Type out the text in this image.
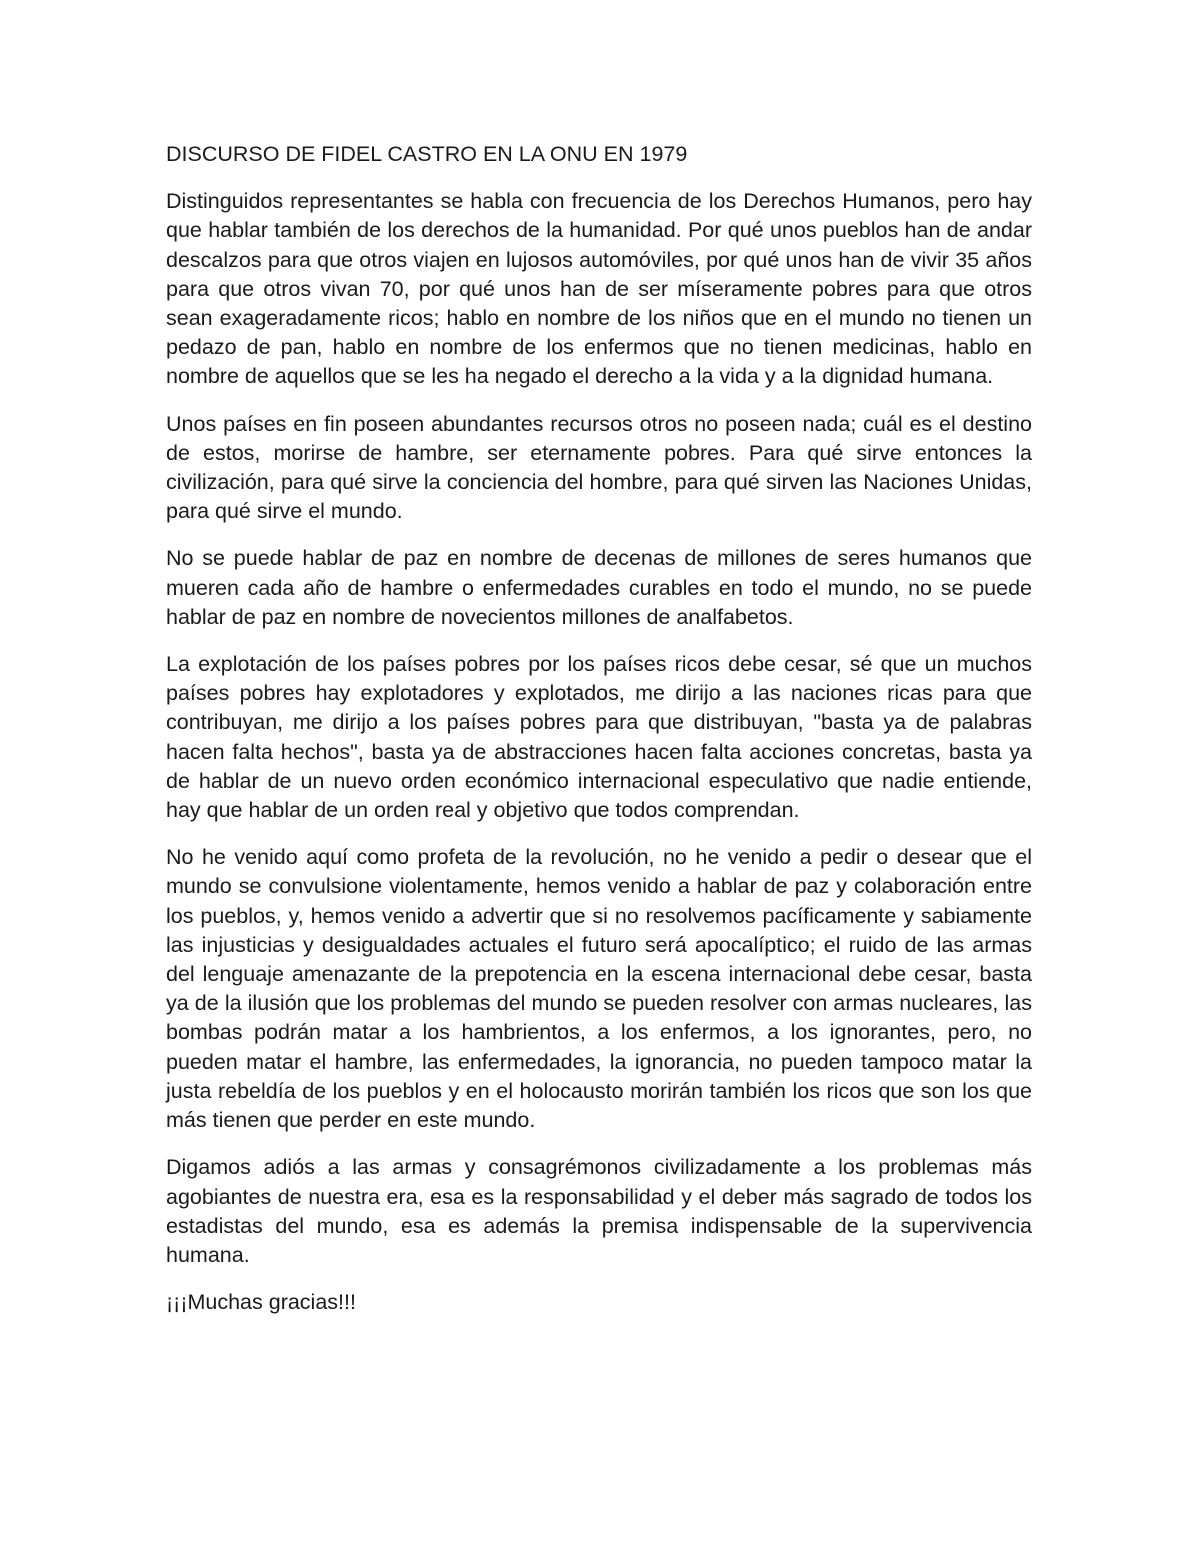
DISCURSO DE FIDEL CASTRO EN LA ONU EN 1979

Distinguidos representantes se habla con frecuencia de los Derechos Humanos, pero hay que hablar también de los derechos de la humanidad. Por qué unos pueblos han de andar descalzos para que otros viajen en lujosos automóviles, por qué unos han de vivir 35 años para que otros vivan 70, por qué unos han de ser míseramente pobres para que otros sean exageradamente ricos; hablo en nombre de los niños que en el mundo no tienen un pedazo de pan, hablo en nombre de los enfermos que no tienen medicinas, hablo en nombre de aquellos que se les ha negado el derecho a la vida y a la dignidad humana.

Unos países en fin poseen abundantes recursos otros no poseen nada; cuál es el destino de estos, morirse de hambre, ser eternamente pobres. Para qué sirve entonces la civilización, para qué sirve la conciencia del hombre, para qué sirven las Naciones Unidas, para qué sirve el mundo.

No se puede hablar de paz en nombre de decenas de millones de seres humanos que mueren cada año de hambre o enfermedades curables en todo el mundo, no se puede hablar de paz en nombre de novecientos millones de analfabetos.

La explotación de los países pobres por los países ricos debe cesar, sé que un muchos países pobres hay explotadores y explotados, me dirijo a las naciones ricas para que contribuyan, me dirijo a los países pobres para que distribuyan, "basta ya de palabras hacen falta hechos", basta ya de abstracciones hacen falta acciones concretas, basta ya de hablar de un nuevo orden económico internacional especulativo que nadie entiende, hay que hablar de un orden real y objetivo que todos comprendan.

No he venido aquí como profeta de la revolución, no he venido a pedir o desear que el mundo se convulsione violentamente, hemos venido a hablar de paz y colaboración entre los pueblos, y, hemos venido a advertir que si no resolvemos pacíficamente y sabiamente las injusticias y desigualdades actuales el futuro será apocalíptico; el ruido de las armas del lenguaje amenazante de la prepotencia en la escena internacional debe cesar, basta ya de la ilusión que los problemas del mundo se pueden resolver con armas nucleares, las bombas podrán matar a los hambrientos, a los enfermos, a los ignorantes, pero, no pueden matar el hambre, las enfermedades, la ignorancia, no pueden tampoco matar la justa rebeldía de los pueblos y en el holocausto morirán también los ricos que son los que más tienen que perder en este mundo.

Digamos adiós a las armas y consagrémonos civilizadamente a los problemas más agobiantes de nuestra era, esa es la responsabilidad y el deber más sagrado de todos los estadistas del mundo, esa es además la premisa indispensable de la supervivencia humana.

¡¡¡Muchas gracias!!!
